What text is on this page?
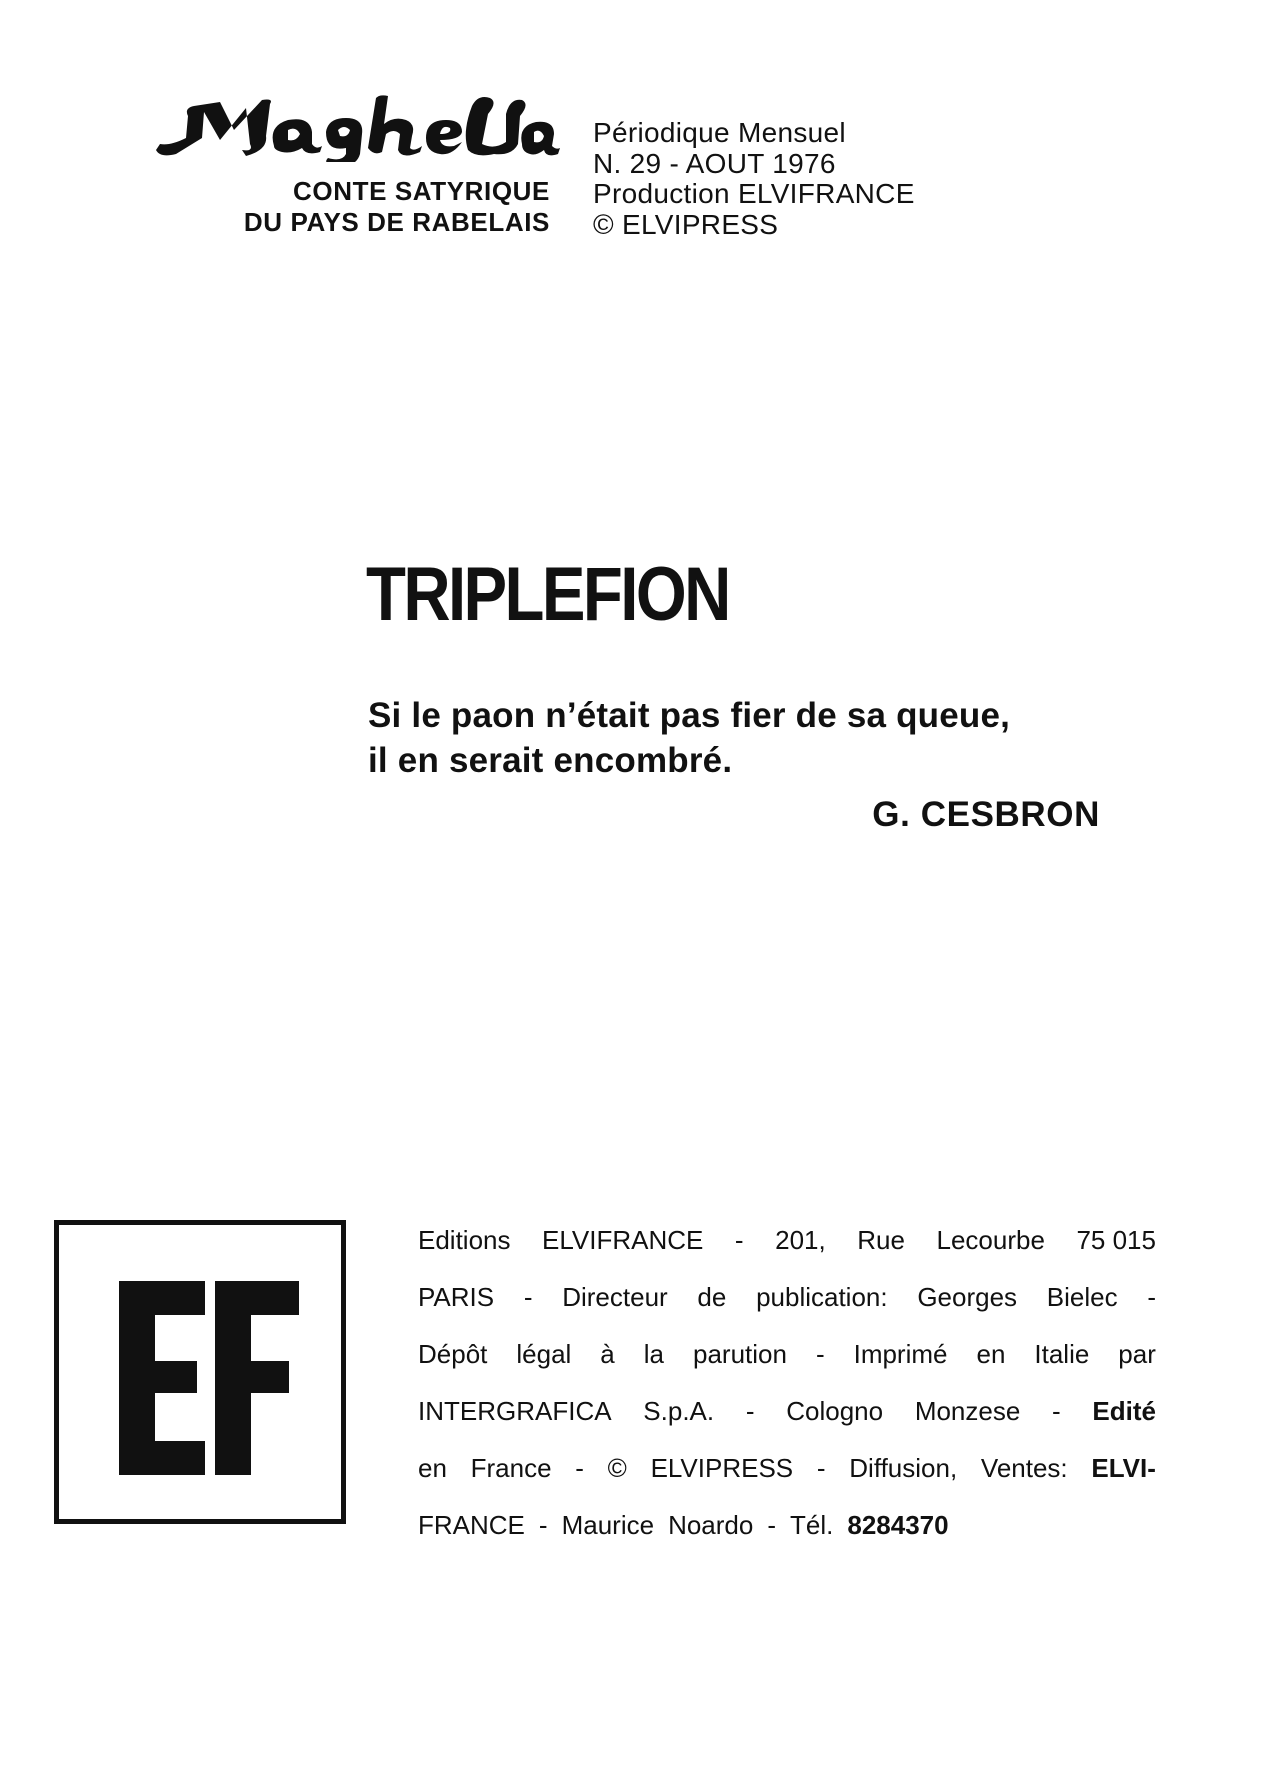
CONTE SATYRIQUE
DU PAYS DE RABELAIS
Périodique Mensuel
N. 29 - AOUT 1976
Production ELVIFRANCE
© ELVIPRESS
TRIPLEFION
Si le paon n’était pas fier de sa queue,
il en serait encombré.
G. CESBRON
Editions ELVIFRANCE - 201, Rue Lecourbe 75 015
PARIS - Directeur de publication: Georges Bielec -
Dépôt légal à la parution - Imprimé en Italie par
INTERGRAFICA S.p.A. - Cologno Monzese - Edité
en France - © ELVIPRESS - Diffusion, Ventes: ELVI-
FRANCE - Maurice Noardo - Tél. 8284370
